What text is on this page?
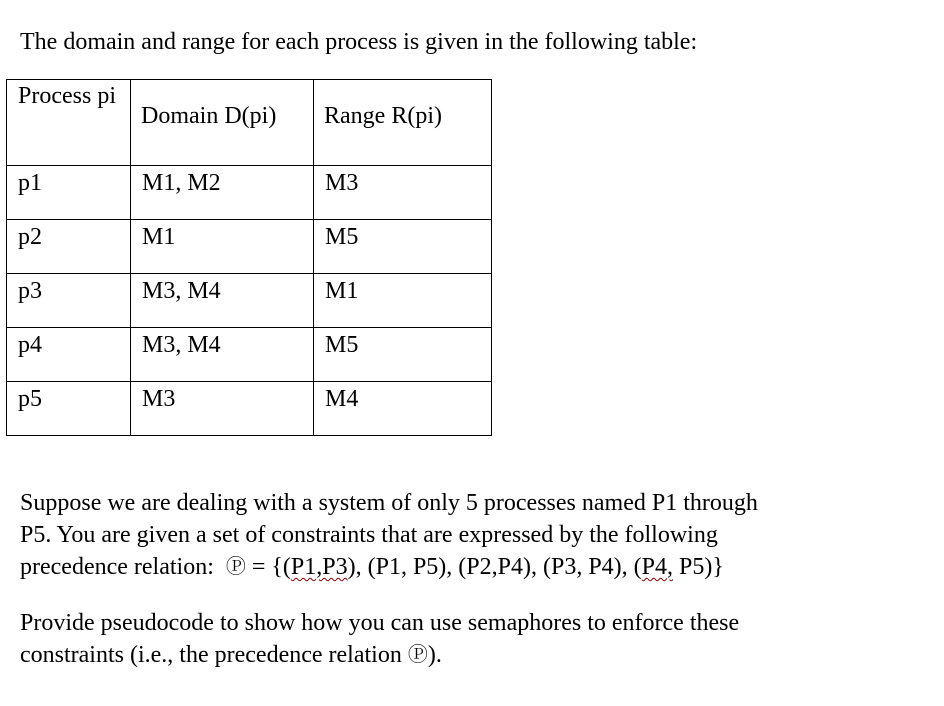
The domain and range for each process is given in the following table:
Process pi	Domain D(pi)	Range R(pi)
p1	M1, M2	M3
p2	M1	M5
p3	M3, M4	M1
p4	M3, M4	M5
p5	M3	M4
Suppose we are dealing with a system of only 5 processes named P1 through
P5. You are given a set of constraints that are expressed by the following
precedence relation:  Ⓟ = {(P1,P3), (P1, P5), (P2,P4), (P3, P4), (P4, P5)}
Provide pseudocode to show how you can use semaphores to enforce these
constraints (i.e., the precedence relation Ⓟ).
